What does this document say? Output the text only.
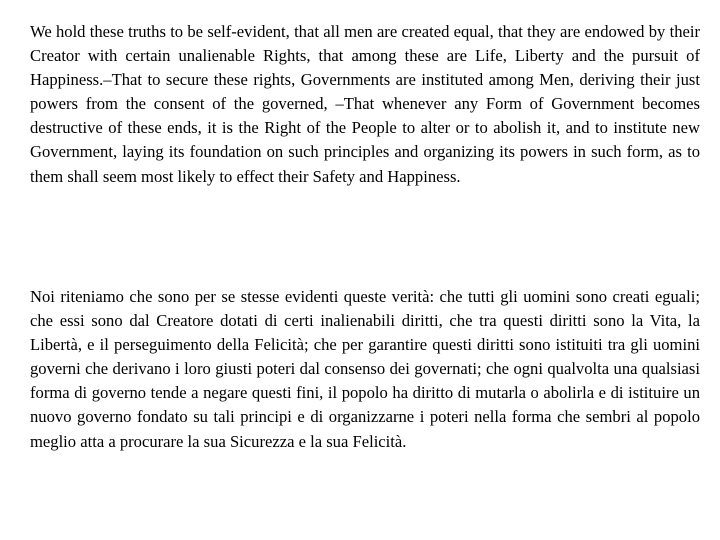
We hold these truths to be self-evident, that all men are created equal, that they are endowed by their Creator with certain unalienable Rights, that among these are Life, Liberty and the pursuit of Happiness.–That to secure these rights, Governments are instituted among Men, deriving their just powers from the consent of the governed, –That whenever any Form of Government becomes destructive of these ends, it is the Right of the People to alter or to abolish it, and to institute new Government, laying its foundation on such principles and organizing its powers in such form, as to them shall seem most likely to effect their Safety and Happiness.

Noi riteniamo che sono per se stesse evidenti queste verità: che tutti gli uomini sono creati eguali; che essi sono dal Creatore dotati di certi inalienabili diritti, che tra questi diritti sono la Vita, la Libertà, e il perseguimento della Felicità; che per garantire questi diritti sono istituiti tra gli uomini governi che derivano i loro giusti poteri dal consenso dei governati; che ogni qualvolta una qualsiasi forma di governo tende a negare questi fini, il popolo ha diritto di mutarla o abolirla e di istituire un nuovo governo fondato su tali principi e di organizzarne i poteri nella forma che sembri al popolo meglio atta a procurare la sua Sicurezza e la sua Felicità.
